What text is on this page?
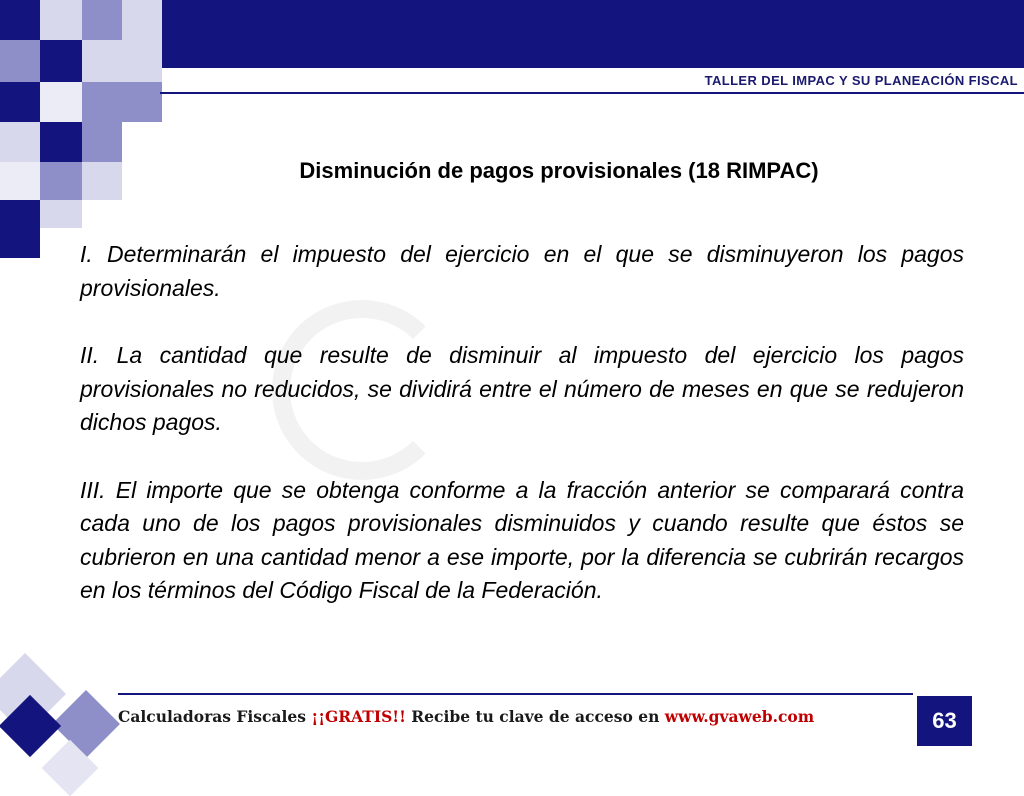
TALLER DEL IMPAC Y SU PLANEACIÓN FISCAL
Disminución de pagos provisionales (18 RIMPAC)

I. Determinarán el impuesto del ejercicio en el que se disminuyeron los pagos provisionales.

II. La cantidad que resulte de disminuir al impuesto del ejercicio los pagos provisionales no reducidos, se dividirá entre el número de meses en que se redujeron dichos pagos.

III. El importe que se obtenga conforme a la fracción anterior se comparará contra cada uno de los pagos provisionales disminuidos y cuando resulte que éstos se cubrieron en una cantidad menor a ese importe, por la diferencia se cubrirán recargos en los términos del Código Fiscal de la Federación.

Calculadoras Fiscales ¡¡GRATIS!! Recibe tu clave de acceso en www.gvaweb.com	63
